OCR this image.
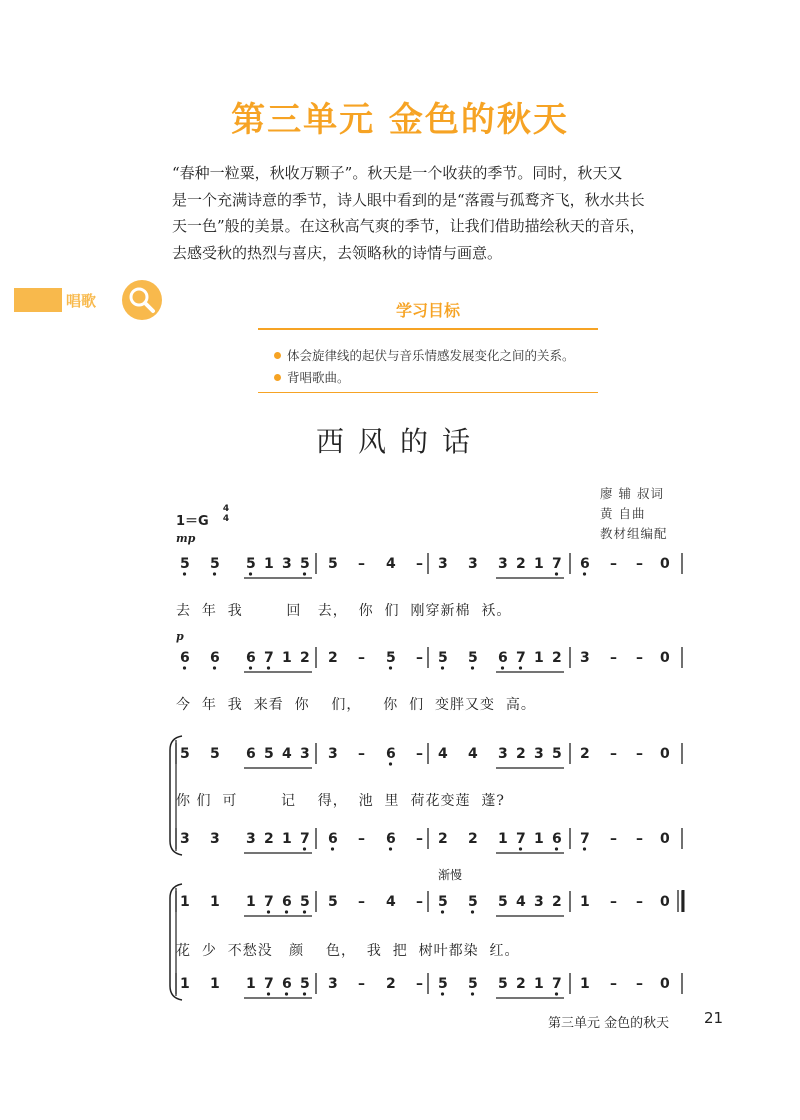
第三单元 金色的秋天

“春种一粒粟，秋收万颗子”。秋天是一个收获的季节。同时，秋天又

是一个充满诗意的季节，诗人眼中看到的是“落霞与孤鹜齐飞，秋水共长

天一色”般的美景。在这秋高气爽的季节，让我们借助描绘秋天的音乐，

去感受秋的热烈与喜庆，去领略秋的诗情与画意。

唱歌	学习目标
体会旋律线的起伏与音乐情感发展变化之间的关系。
背唱歌曲。
西风的话
廖 辅 叔词
黄 自曲
教材组编配
1＝G
4
4
mp
p
去  年  我        回   去，  你  们  刚穿新棉  袄。
今  年  我  来看  你    们，    你  们  变胖又变  高。
你 们  可        记    得，  池  里  荷花变莲  蓬?
花  少  不愁没   颜    色，  我  把  树叶都染  红。
渐慢
5 5 5 1 3 5 5 – 4 – 3 3 3 2 1 7 6 – – 0
6 6 6 7 1 2 2 – 5 – 5 5 6 7 1 2 3 – – 0
5 5 6 5 4 3 3 – 6 – 4 4 3 2 3 5 2 – – 0
3 3 3 2 1 7 6 – 6 – 2 2 1 7 1 6 7 – – 0
1 1 1 7 6 5 5 – 4 – 5 5 5 4 3 2 1 – – 0
1 1 1 7 6 5 3 – 2 – 5 5 5 2 1 7 1 – – 0
第三单元 金色的秋天 21
